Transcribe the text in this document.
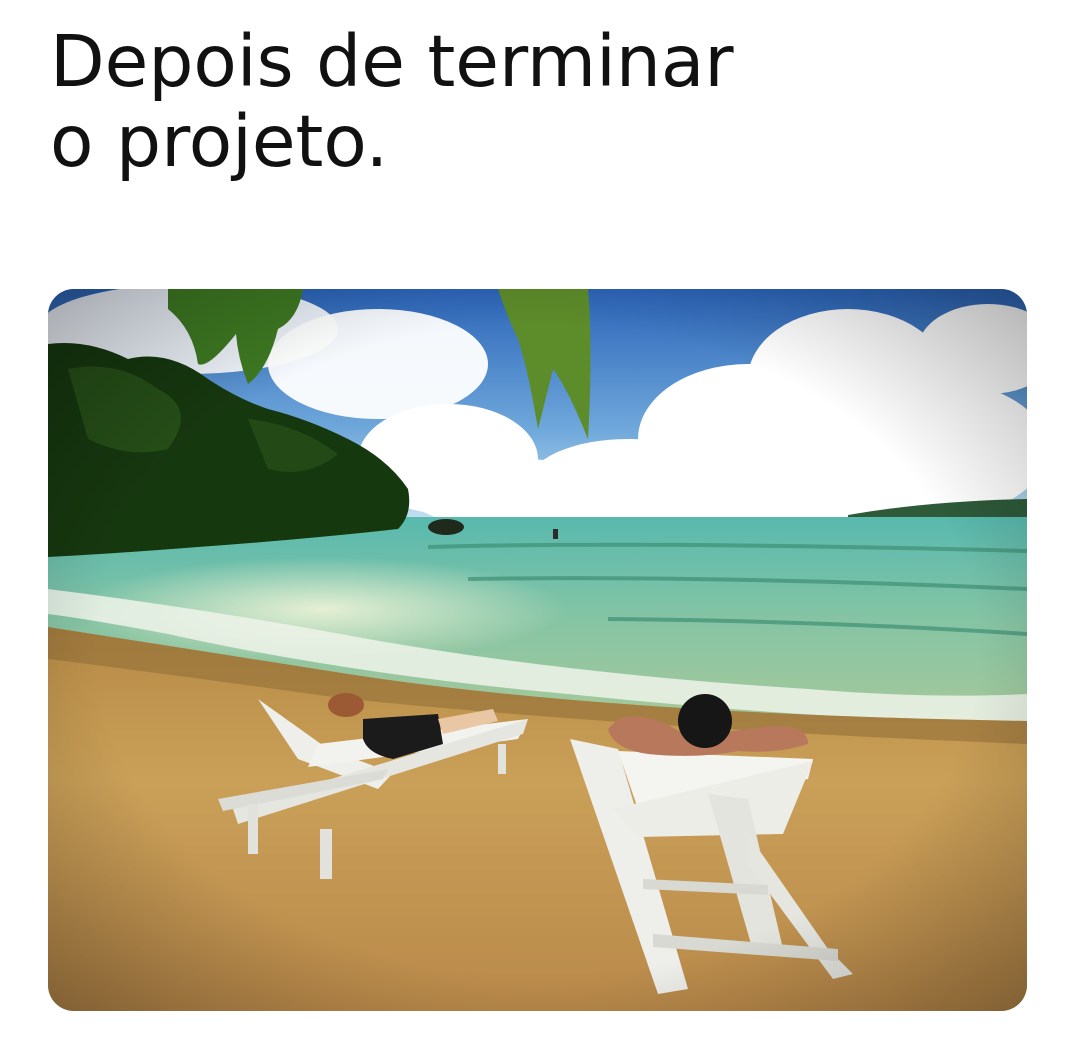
Depois de terminar
o projeto.
